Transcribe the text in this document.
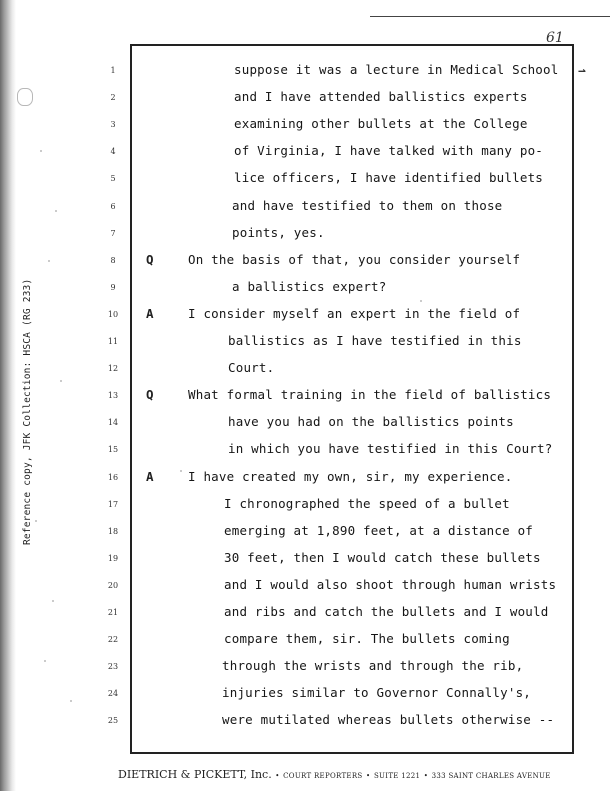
61
⇀
Reference copy, JFK Collection: HSCA (RG 233)
1	suppose it was a lecture in Medical School
2	and I have attended ballistics experts
3	examining other bullets at the College
4	of Virginia, I have talked with many po-
5	lice officers, I have identified bullets
6	and have testified to them on those
7	points, yes.
8	Q	On the basis of that, you consider yourself
9	a ballistics expert?
10	A	I consider myself an expert in the field of
11	ballistics as I have testified in this
12	Court.
13	Q	What formal training in the field of ballistics
14	have you had on the ballistics points
15	in which you have testified in this Court?
16	A	I have created my own, sir, my experience.
17	I chronographed the speed of a bullet
18	emerging at 1,890 feet, at a distance of
19	30 feet, then I would catch these bullets
20	and I would also shoot through human wrists
21	and ribs and catch the bullets and I would
22	compare them, sir. The bullets coming
23	through the wrists and through the rib,
24	injuries similar to Governor Connally's,
25	were mutilated whereas bullets otherwise --
DIETRICH & PICKETT, Inc. • COURT REPORTERS • SUITE 1221 • 333 SAINT CHARLES AVENUE
